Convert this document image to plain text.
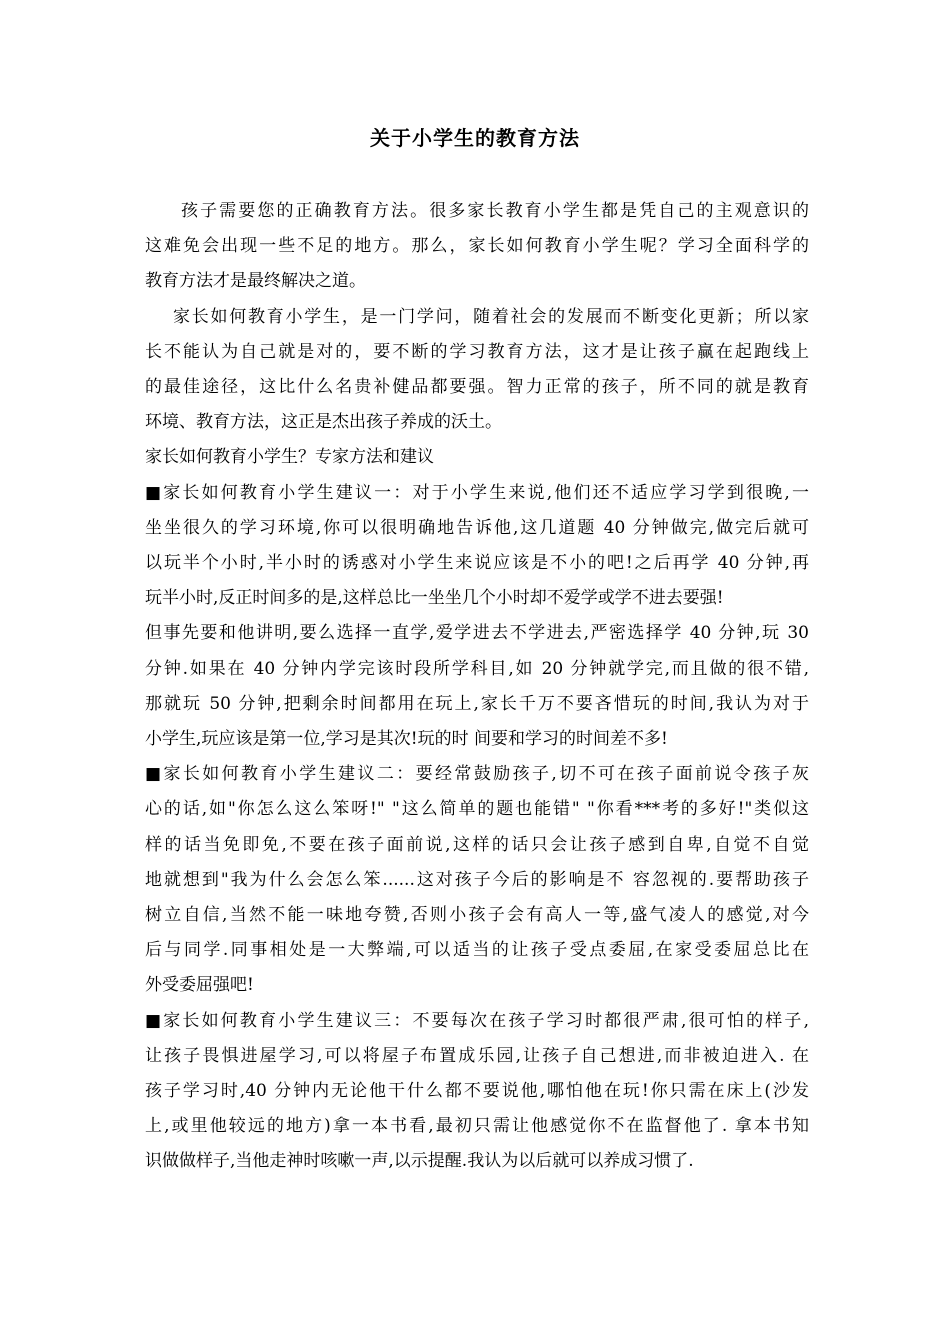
关于小学生的教育方法

孩子需要您的正确教育方法。很多家长教育小学生都是凭自己的主观意识的
这难免会出现一些不足的地方。那么，家长如何教育小学生呢？学习全面科学的
教育方法才是最终解决之道。

家长如何教育小学生，是一门学问，随着社会的发展而不断变化更新；所以家
长不能认为自己就是对的，要不断的学习教育方法，这才是让孩子赢在起跑线上
的最佳途径，这比什么名贵补健品都要强。智力正常的孩子，所不同的就是教育
环境、教育方法，这正是杰出孩子养成的沃土。

家长如何教育小学生？专家方法和建议

■家长如何教育小学生建议一：对于小学生来说,他们还不适应学习学到很晚,一
坐坐很久的学习环境,你可以很明确地告诉他,这几道题 40 分钟做完,做完后就可
以玩半个小时,半小时的诱惑对小学生来说应该是不小的吧!之后再学 40 分钟,再
玩半小时,反正时间多的是,这样总比一坐坐几个小时却不爱学或学不进去要强!
但事先要和他讲明,要么选择一直学,爱学进去不学进去,严密选择学 40 分钟,玩 30
分钟.如果在 40 分钟内学完该时段所学科目,如 20 分钟就学完,而且做的很不错,
那就玩 50 分钟,把剩余时间都用在玩上,家长千万不要吝惜玩的时间,我认为对于
小学生,玩应该是第一位,学习是其次!玩的时 间要和学习的时间差不多!

■家长如何教育小学生建议二：要经常鼓励孩子,切不可在孩子面前说令孩子灰
心的话,如"你怎么这么笨呀!" "这么简单的题也能错" "你看***考的多好!"类似这
样的话当免即免,不要在孩子面前说,这样的话只会让孩子感到自卑,自觉不自觉
地就想到"我为什么会怎么笨......这对孩子今后的影响是不 容忽视的.要帮助孩子
树立自信,当然不能一味地夸赞,否则小孩子会有高人一等,盛气凌人的感觉,对今
后与同学.同事相处是一大弊端,可以适当的让孩子受点委屈,在家受委屈总比在
外受委屈强吧!

■家长如何教育小学生建议三：不要每次在孩子学习时都很严肃,很可怕的样子,
让孩子畏惧进屋学习,可以将屋子布置成乐园,让孩子自己想进,而非被迫进入. 在
孩子学习时,40 分钟内无论他干什么都不要说他,哪怕他在玩!你只需在床上(沙发
上,或里他较远的地方)拿一本书看,最初只需让他感觉你不在监督他了. 拿本书知
识做做样子,当他走神时咳嗽一声,以示提醒.我认为以后就可以养成习惯了.
